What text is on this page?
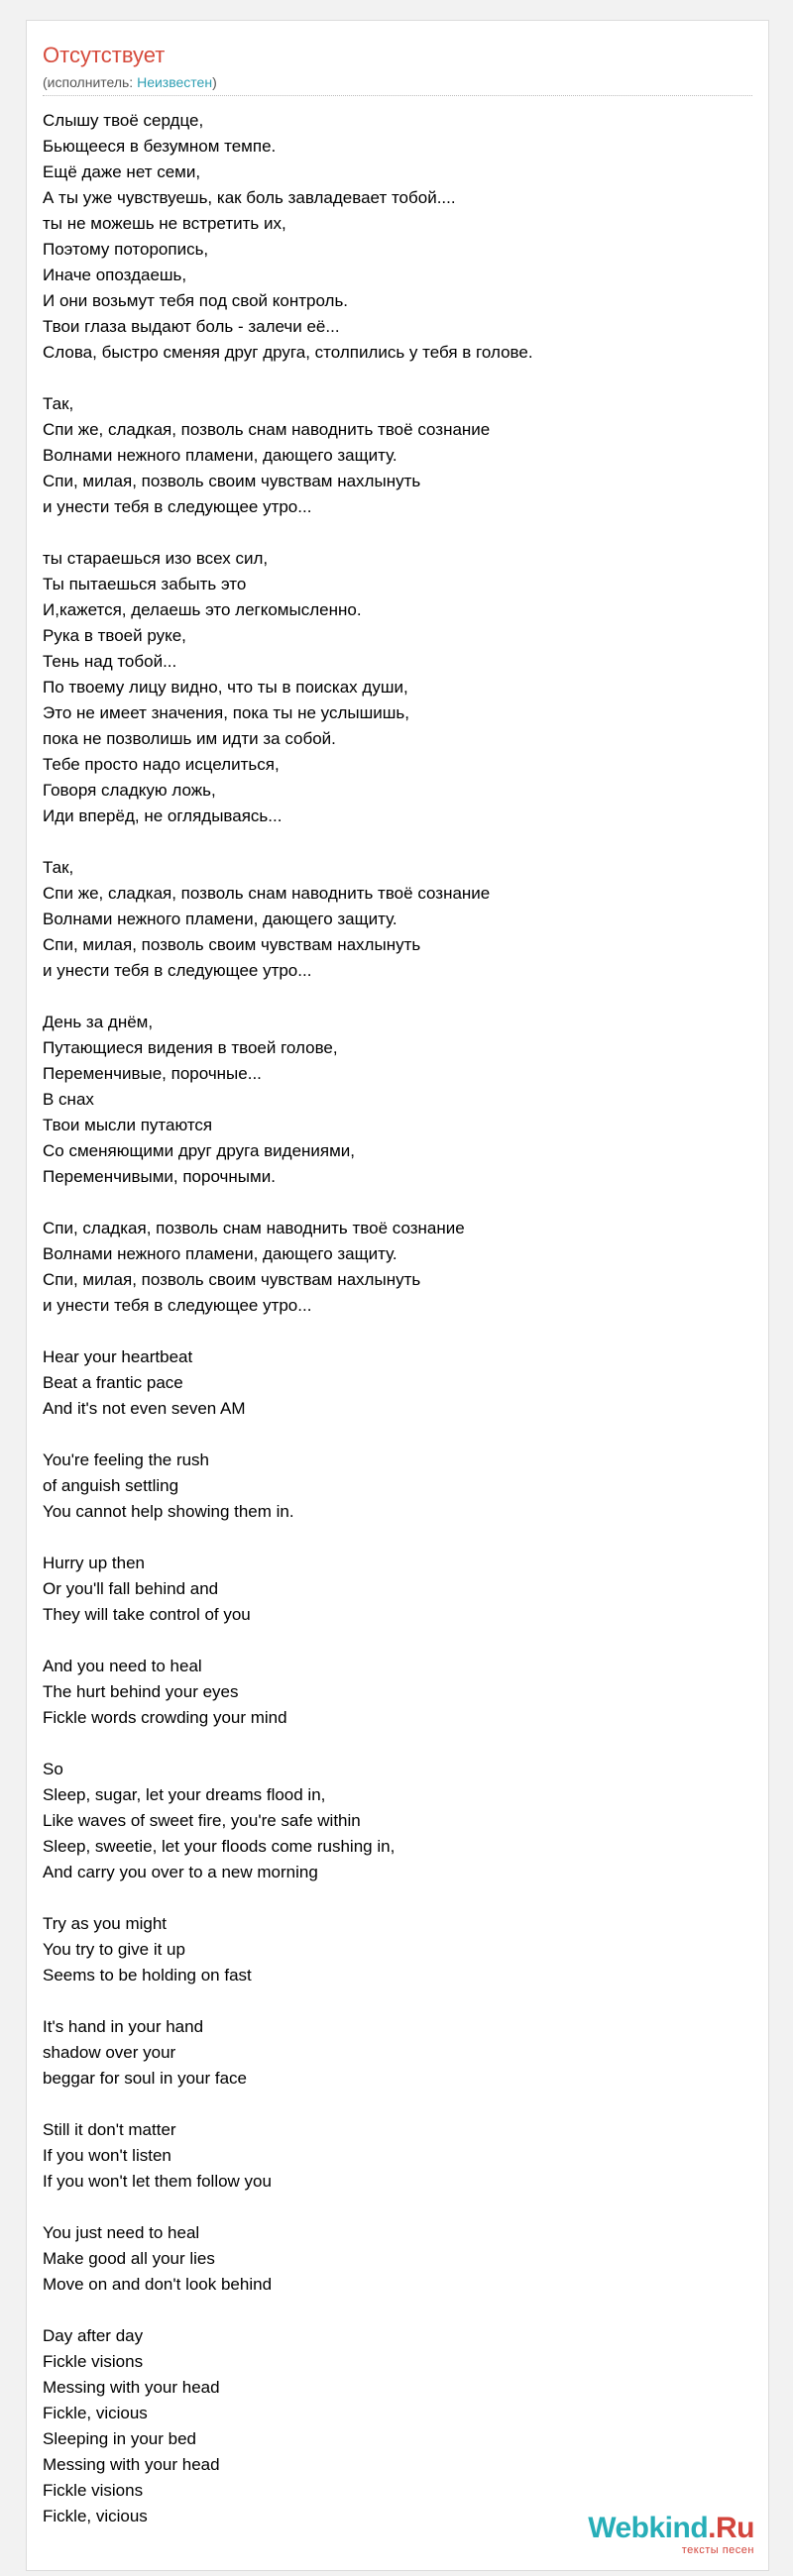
Отсутствует
(исполнитель: Неизвестен)
Слышу твоё сердце,
Бьющееся в безумном темпе.
Ещё даже нет семи,
А ты уже чувствуешь, как боль завладевает тобой....
ты не можешь не встретить их,
Поэтому поторопись,
Иначе опоздаешь,
И они возьмут тебя под свой контроль.
Твои глаза выдают боль - залечи её...
Слова, быстро сменяя друг друга, столпились у тебя в голове.
Так,
Спи же, сладкая, позволь снам наводнить твоё сознание
Волнами нежного пламени, дающего защиту.
Спи, милая, позволь своим чувствам нахлынуть
и унести тебя в следующее утро...
ты стараешься изо всех сил,
Ты пытаешься забыть это
И,кажется, делаешь это легкомысленно.
Рука в твоей руке,
Тень над тобой...
По твоему лицу видно, что ты в поисках души,
Это не имеет значения, пока ты не услышишь,
пока не позволишь им идти за собой.
Тебе просто надо исцелиться,
Говоря сладкую ложь,
Иди вперёд, не оглядываясь...
Так,
Спи же, сладкая, позволь снам наводнить твоё сознание
Волнами нежного пламени, дающего защиту.
Спи, милая, позволь своим чувствам нахлынуть
и унести тебя в следующее утро...
День за днём,
Путающиеся видения в твоей голове,
Переменчивые, порочные...
В снах
Твои мысли путаются
Со сменяющими друг друга видениями,
Переменчивыми, порочными.
Спи, сладкая, позволь снам наводнить твоё сознание
Волнами нежного пламени, дающего защиту.
Спи, милая, позволь своим чувствам нахлынуть
и унести тебя в следующее утро...
Hear your heartbeat
Beat a frantic pace
And it's not even seven AM
You're feeling the rush
of anguish settling
You cannot help showing them in.
Hurry up then
Or you'll fall behind and
They will take control of you
And you need to heal
The hurt behind your eyes
Fickle words crowding your mind
So
Sleep, sugar, let your dreams flood in,
Like waves of sweet fire, you're safe within
Sleep, sweetie, let your floods come rushing in,
And carry you over to a new morning
Try as you might
You try to give it up
Seems to be holding on fast
It's hand in your hand
shadow over your
beggar for soul in your face
Still it don't matter
If you won't listen
If you won't let them follow you
You just need to heal
Make good all your lies
Move on and don't look behind
Day after day
Fickle visions
Messing with your head
Fickle, vicious
Sleeping in your bed
Messing with your head
Fickle visions
Fickle, vicious	Webkind.Ru
тексты песен
